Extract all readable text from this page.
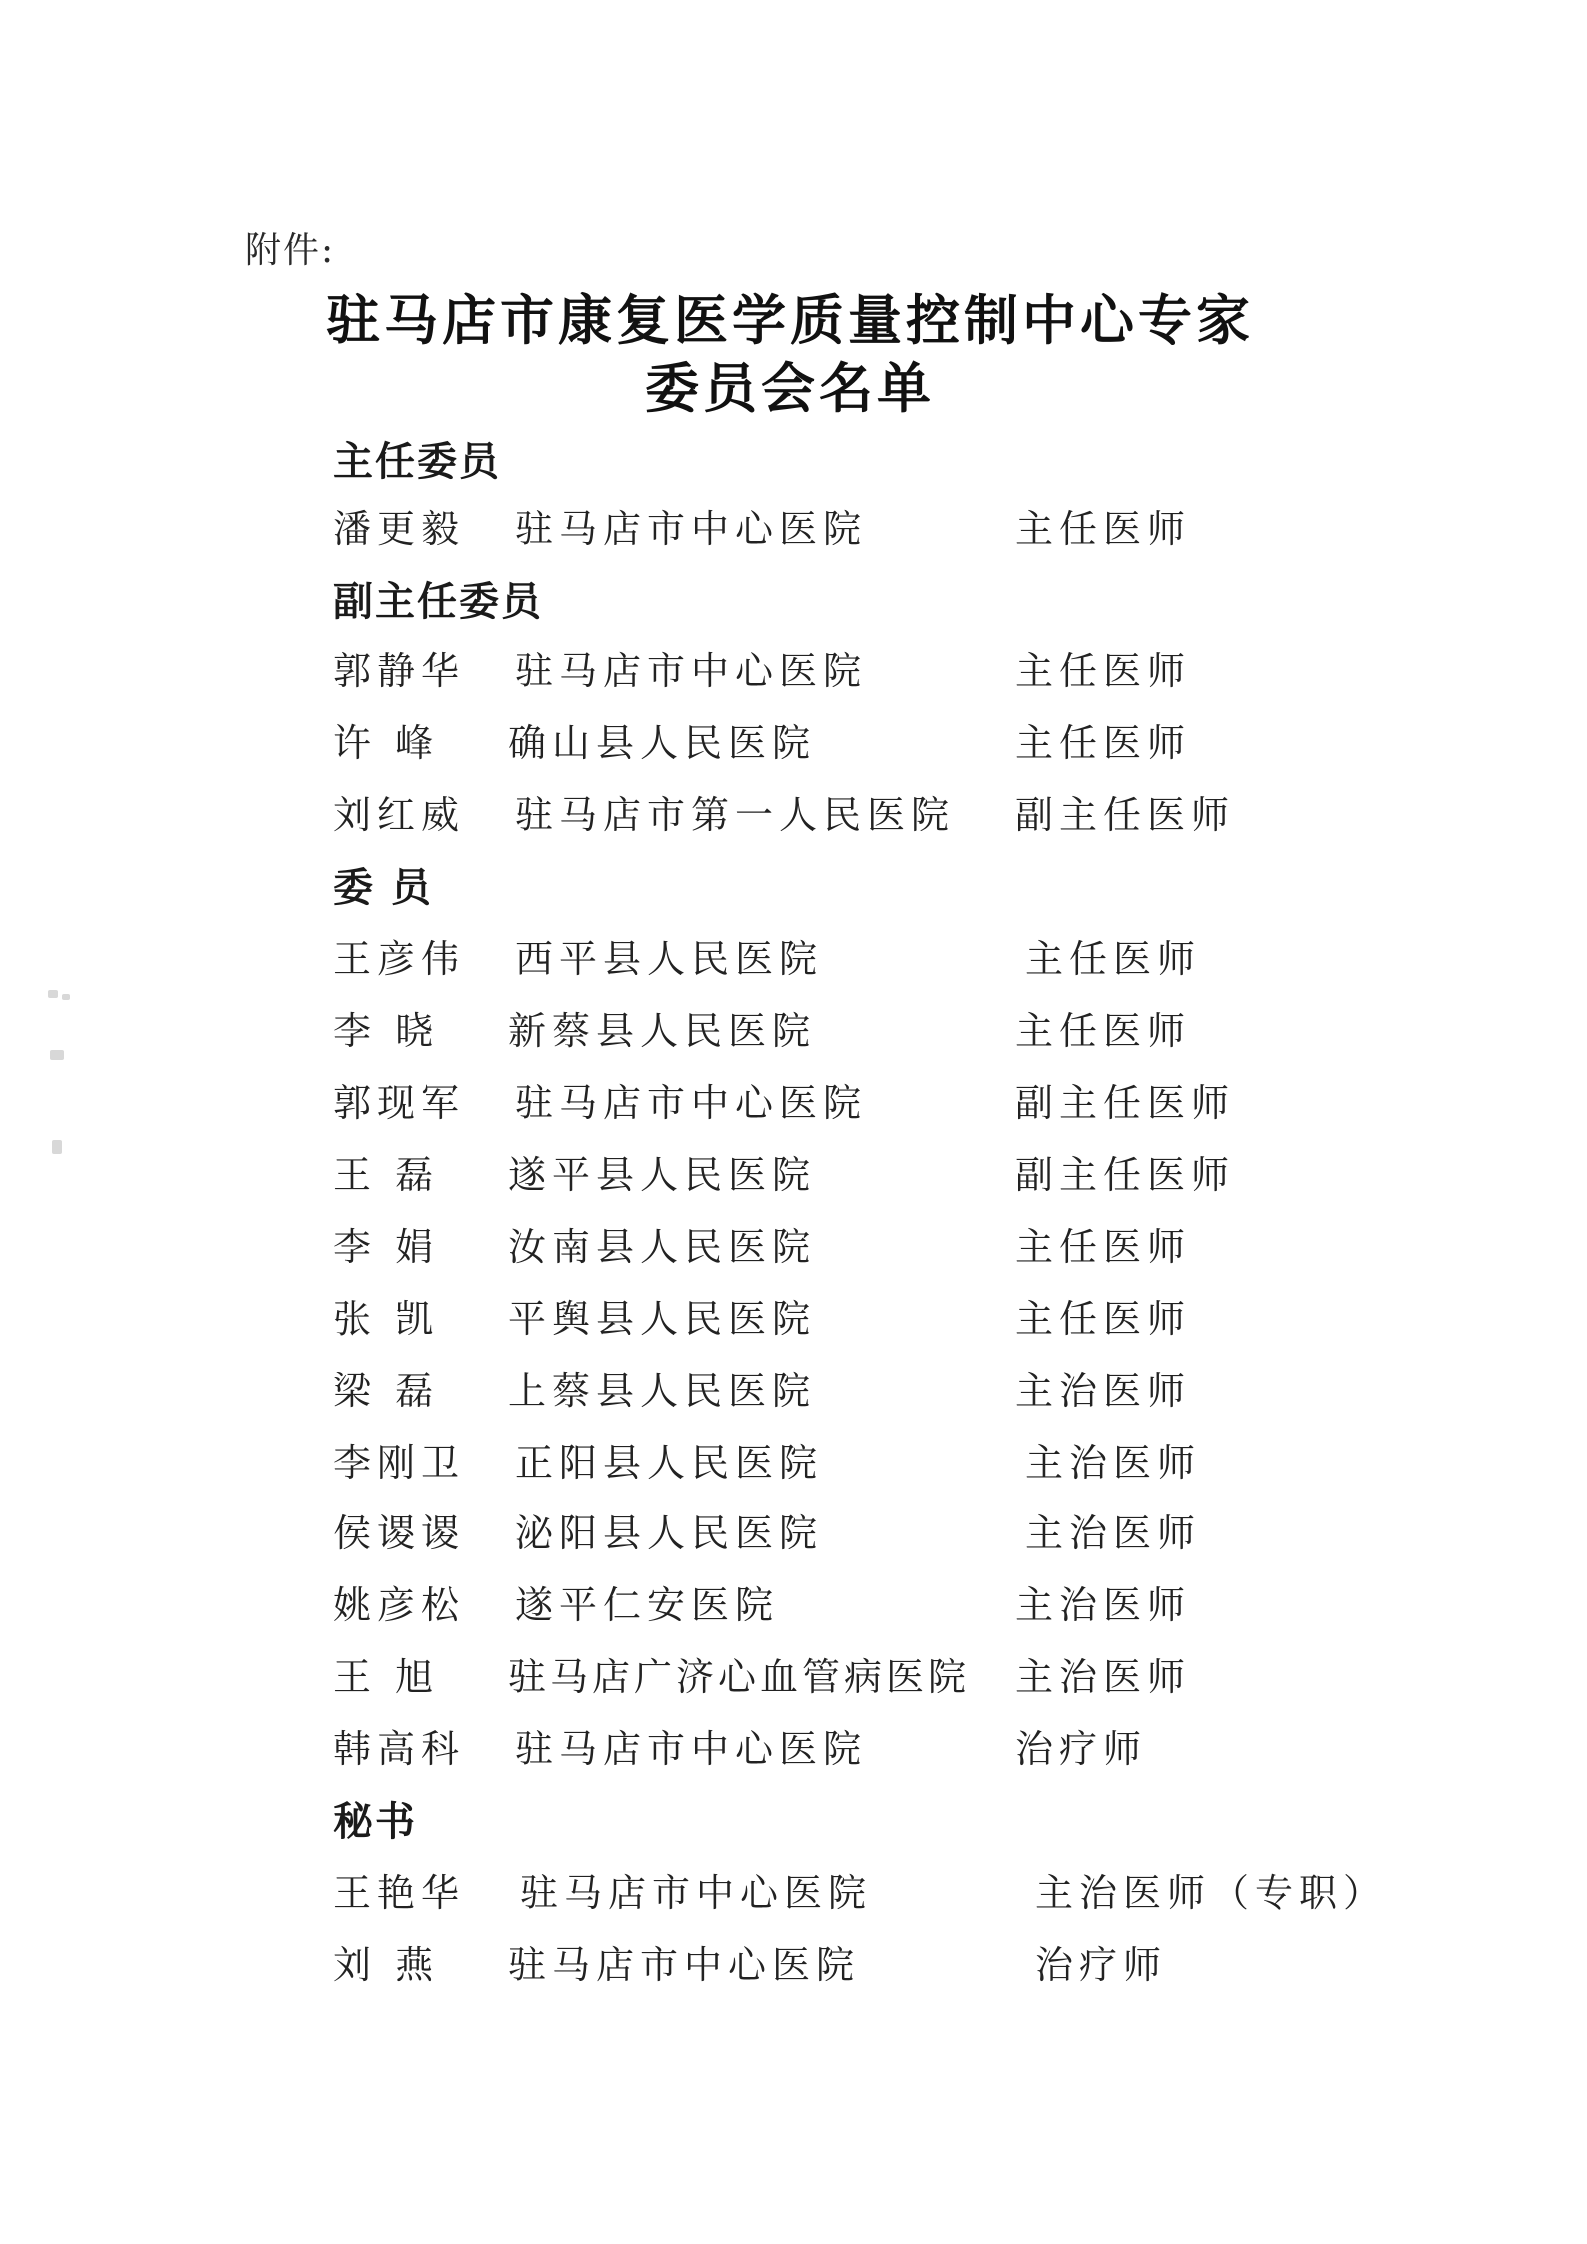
附件:
驻马店市康复医学质量控制中心专家
委员会名单
主任委员
潘更毅 驻马店市中心医院	主任医师
副主任委员
郭静华 驻马店市中心医院	主任医师
许 峰 确山县人民医院	主任医师
刘红威 驻马店市第一人民医院 副主任医师
委 员
王彦伟 西平县人民医院	主任医师
李 晓 新蔡县人民医院	主任医师
郭现军 驻马店市中心医院	副主任医师
王 磊 遂平县人民医院	副主任医师
李 娟 汝南县人民医院	主任医师
张 凯 平舆县人民医院	主任医师
梁 磊 上蔡县人民医院	主治医师
李刚卫 正阳县人民医院	主治医师
侯谡谡 泌阳县人民医院	主治医师
姚彦松 遂平仁安医院	主治医师
王 旭 驻马店广济心血管病医院 主治医师
韩高科 驻马店市中心医院	治疗师
秘书
王艳华 驻马店市中心医院	主治医师（专职）
刘 燕 驻马店市中心医院	治疗师
